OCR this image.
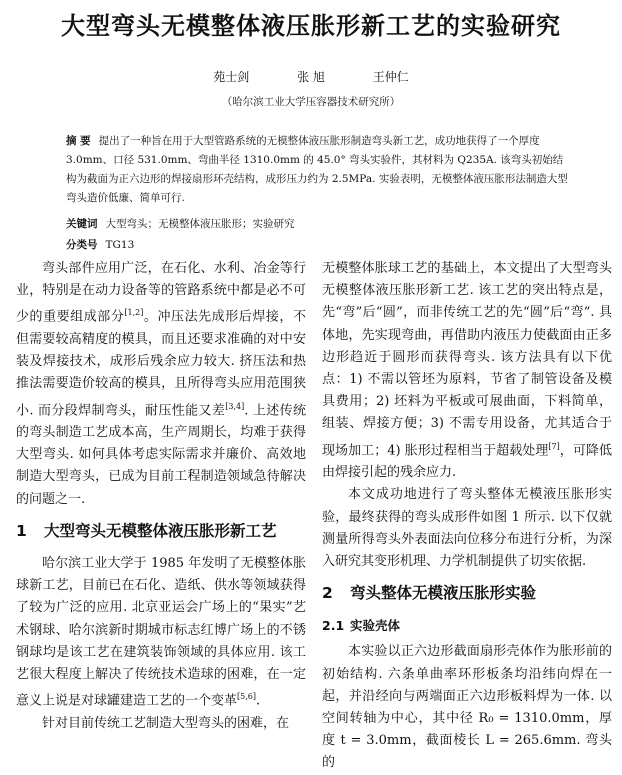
大型弯头无模整体液压胀形新工艺的实验研究
苑士剑	张 旭	王仲仁
（哈尔滨工业大学压容器技术研究所）
摘 要 提出了一种旨在用于大型管路系统的无模整体液压胀形制造弯头新工艺，成功地获得了一个厚度 3.0mm、口径 531.0mm、弯曲半径 1310.0mm 的 45.0° 弯头实验件，其材料为 Q235A. 该弯头初始结构为截面为正六边形的焊接扇形环壳结构，成形压力约为 2.5MPa. 实验表明，无模整体液压胀形法制造大型弯头造价低廉、简单可行.
关键词 大型弯头；无模整体液压胀形；实验研究
分类号 TG13

弯头部件应用广泛，在石化、水利、冶金等行业，特别是在动力设备等的管路系统中都是必不可少的重要组成部分[1,2]。冲压法先成形后焊接，不但需要较高精度的模具，而且还要求准确的对中安装及焊接技术，成形后残余应力较大. 挤压法和热推法需要造价较高的模具，且所得弯头应用范围狭小. 而分段焊制弯头，耐压性能又差[3,4]. 上述传统的弯头制造工艺成本高，生产周期长，均难于获得大型弯头. 如何具体考虑实际需求并廉价、高效地制造大型弯头，已成为目前工程制造领域急待解决的问题之一.

1	大型弯头无模整体液压胀形新工艺

哈尔滨工业大学于 1985 年发明了无模整体胀球新工艺，目前已在石化、造纸、供水等领域获得了较为广泛的应用. 北京亚运会广场上的“果实”艺术钢球、哈尔滨新时期城市标志红博广场上的不锈钢球均是该工艺在建筑装饰领域的具体应用. 该工艺很大程度上解决了传统技术造球的困难，在一定意义上说是对球罐建造工艺的一个变革[5,6].

针对目前传统工艺制造大型弯头的困难，在

无模整体胀球工艺的基础上，本文提出了大型弯头无模整体液压胀形新工艺. 该工艺的突出特点是，先“弯”后“圆”，而非传统工艺的先“圆”后“弯”. 具体地，先实现弯曲，再借助内液压力使截面由正多边形趋近于圆形而获得弯头. 该方法具有以下优点：1) 不需以管坯为原料，节省了制管设备及模具费用；2) 坯料为平板或可展曲面，下料简单，组装、焊接方便；3) 不需专用设备，尤其适合于现场加工；4) 胀形过程相当于超载处理[7]，可降低由焊接引起的残余应力.

本文成功地进行了弯头整体无模液压胀形实验，最终获得的弯头成形件如图 1 所示. 以下仅就测量所得弯头外表面法向位移分布进行分析，为深入研究其变形机理、力学机制提供了切实依据.

2	弯头整体无模液压胀形实验
2.1 实验壳体

本实验以正六边形截面扇形壳体作为胀形前的初始结构. 六条单曲率环形板条均沿纬向焊在一起，并沿经向与两端面正六边形板料焊为一体. 以空间转轴为中心，其中径 R₀ = 1310.0mm，厚度 t = 3.0mm，截面棱长 L = 265.6mm. 弯头的
